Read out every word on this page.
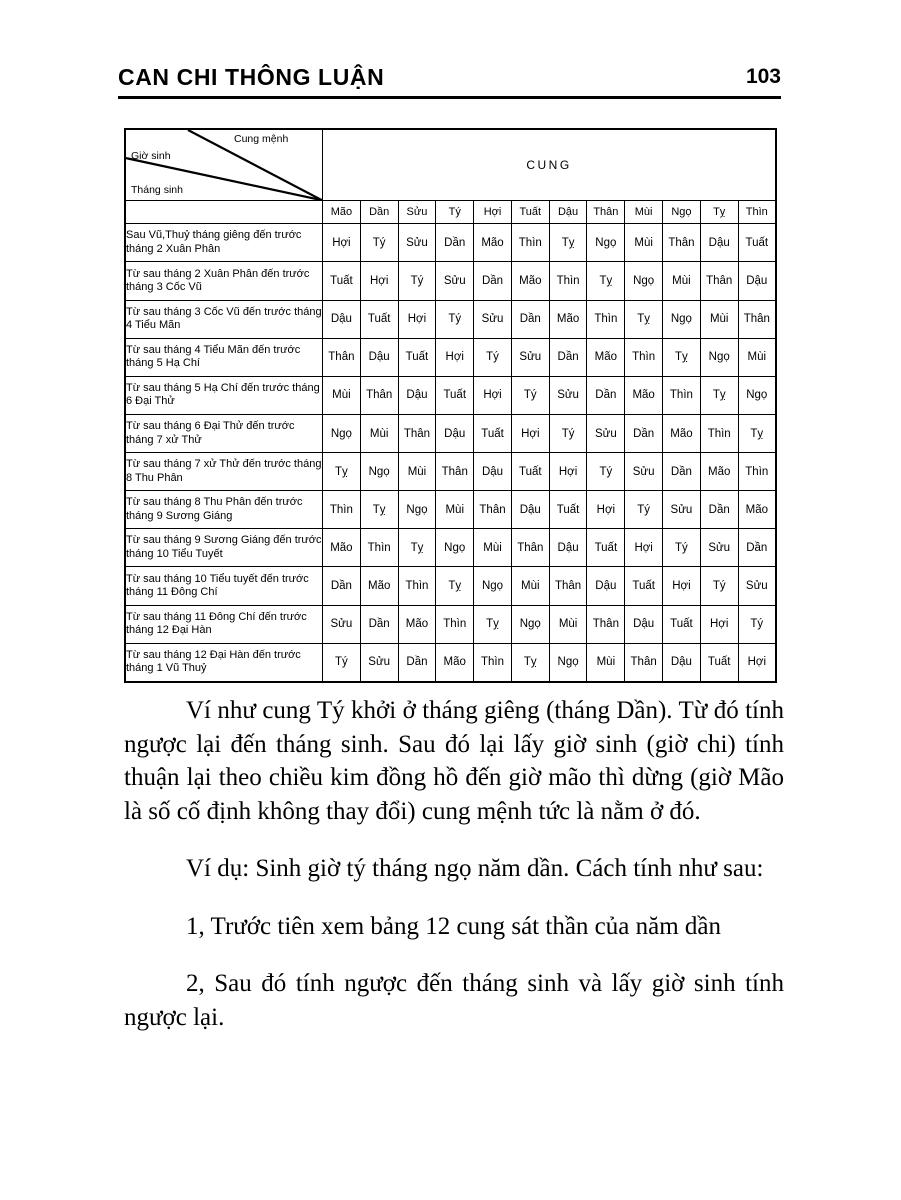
CAN CHI THÔNG LUẬN	103
Cung mệnh
Giờ sinh
Tháng sinh	CUNG											
	Mão	Dần	Sửu	Tý	Hợi	Tuất	Dậu	Thân	Mùi	Ngọ	Tỵ	Thìn
Sau Vũ,Thuỷ tháng giêng đến trước tháng 2 Xuân Phân	Hợi	Tý	Sửu	Dần	Mão	Thìn	Tỵ	Ngọ	Mùi	Thân	Dậu	Tuất
Từ sau tháng 2 Xuân Phân đến trước tháng 3 Cốc Vũ	Tuất	Hợi	Tý	Sửu	Dần	Mão	Thìn	Tỵ	Ngọ	Mùi	Thân	Dậu
Từ sau tháng 3 Cốc Vũ đến trước tháng 4 Tiểu Mãn	Dậu	Tuất	Hợi	Tý	Sửu	Dần	Mão	Thìn	Tỵ	Ngọ	Mùi	Thân
Từ sau tháng 4 Tiểu Mãn đến trước tháng 5 Hạ Chí	Thân	Dậu	Tuất	Hợi	Tý	Sửu	Dần	Mão	Thìn	Tỵ	Ngọ	Mùi
Từ sau tháng 5 Hạ Chí đến trước tháng 6 Đại Thử	Mùi	Thân	Dậu	Tuất	Hợi	Tý	Sửu	Dần	Mão	Thìn	Tỵ	Ngọ
Từ sau tháng 6 Đại Thử đến trước tháng 7 xử Thử	Ngọ	Mùi	Thân	Dậu	Tuất	Hợi	Tý	Sửu	Dần	Mão	Thìn	Tỵ
Từ sau tháng 7 xử Thử đến trước tháng 8 Thu Phân	Tỵ	Ngọ	Mùi	Thân	Dậu	Tuất	Hợi	Tý	Sửu	Dần	Mão	Thìn
Từ sau tháng 8 Thu Phân đến trước tháng 9 Sương Giáng	Thìn	Tỵ	Ngọ	Mùi	Thân	Dậu	Tuất	Hợi	Tý	Sửu	Dần	Mão
Từ sau tháng 9 Sương Giáng đến trước tháng 10 Tiểu Tuyết	Mão	Thìn	Tỵ	Ngọ	Mùi	Thân	Dậu	Tuất	Hợi	Tý	Sửu	Dần
Từ sau tháng 10 Tiểu tuyết đến trước tháng 11 Đông Chí	Dần	Mão	Thìn	Tỵ	Ngọ	Mùi	Thân	Dậu	Tuất	Hợi	Tý	Sửu
Từ sau tháng 11 Đông Chí đến trước tháng 12 Đại Hàn	Sửu	Dần	Mão	Thìn	Tỵ	Ngọ	Mùi	Thân	Dậu	Tuất	Hợi	Tý
Từ sau tháng 12 Đại Hàn đến trước tháng 1 Vũ Thuỷ	Tý	Sửu	Dần	Mão	Thìn	Tỵ	Ngọ	Mùi	Thân	Dậu	Tuất	Hợi

Ví như cung Tý khởi ở tháng giêng (tháng Dần). Từ đó tính ngược lại đến tháng sinh. Sau đó lại lấy giờ sinh (giờ chi) tính thuận lại theo chiều kim đồng hồ đến giờ mão thì dừng (giờ Mão là số cố định không thay đổi) cung mệnh tức là nằm ở đó.

Ví dụ: Sinh giờ tý tháng ngọ năm dần. Cách tính như sau:

1, Trước tiên xem bảng 12 cung sát thần của năm dần

2, Sau đó tính ngược đến tháng sinh và lấy giờ sinh tính ngược lại.
